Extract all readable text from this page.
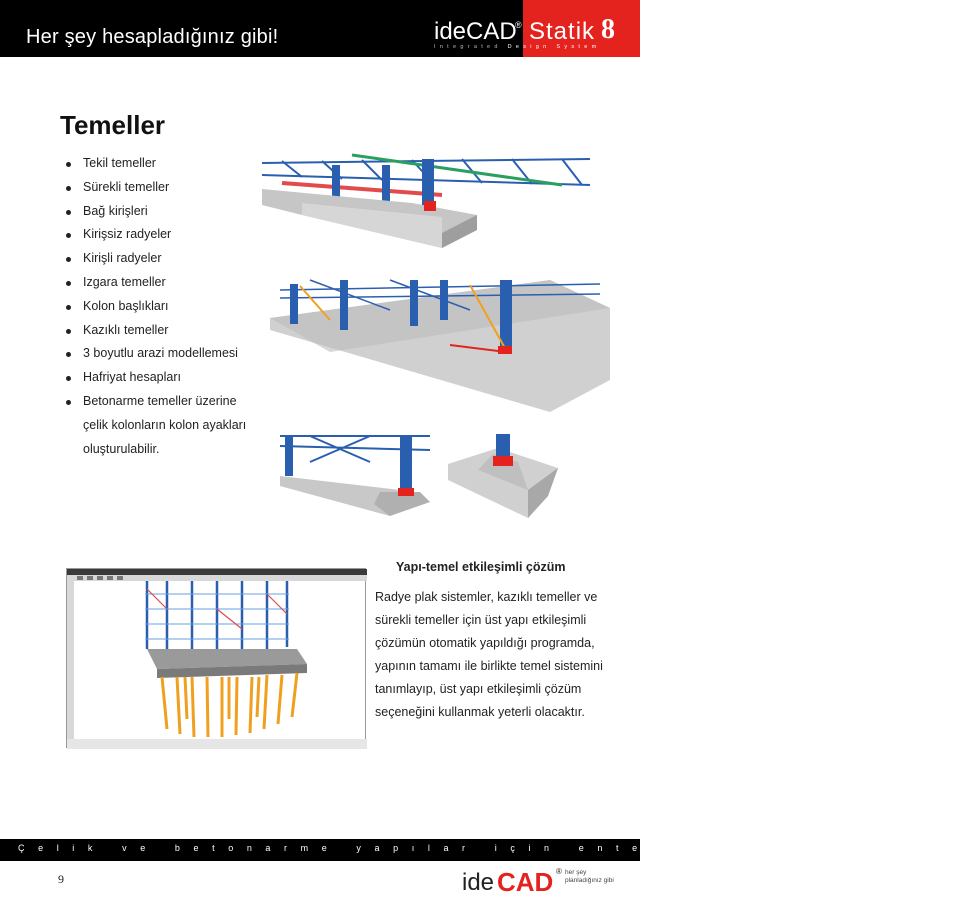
Her şey hesapladığınız gibi!	ideCAD
® Statik 8
Integrated Design System
Temeller
Tekil temeller
Sürekli temeller
Bağ kirişleri
Kirişsiz radyeler
Kirişli radyeler
Izgara temeller
Kolon başlıkları
Kazıklı temeller
3 boyutlu arazi modellemesi
Hafriyat hesapları
Betonarme temeller üzerine çelik kolonların kolon ayakları oluşturulabilir.
Yapı-temel etkileşimli çözüm

Radye plak sistemler, kazıklı temeller ve sürekli temeller için üst yapı etkileşimli çözümün otomatik yapıldığı programda, yapının tamamı ile birlikte temel sistemini tanımlayıp, üst yapı etkileşimli çözüm seçeneğini kullanmak yeterli olacaktır.

Çelik ve betonarme yapılar için entegre yazılım çözümü
9	ide CAD ® her şey planladığınız gibi
